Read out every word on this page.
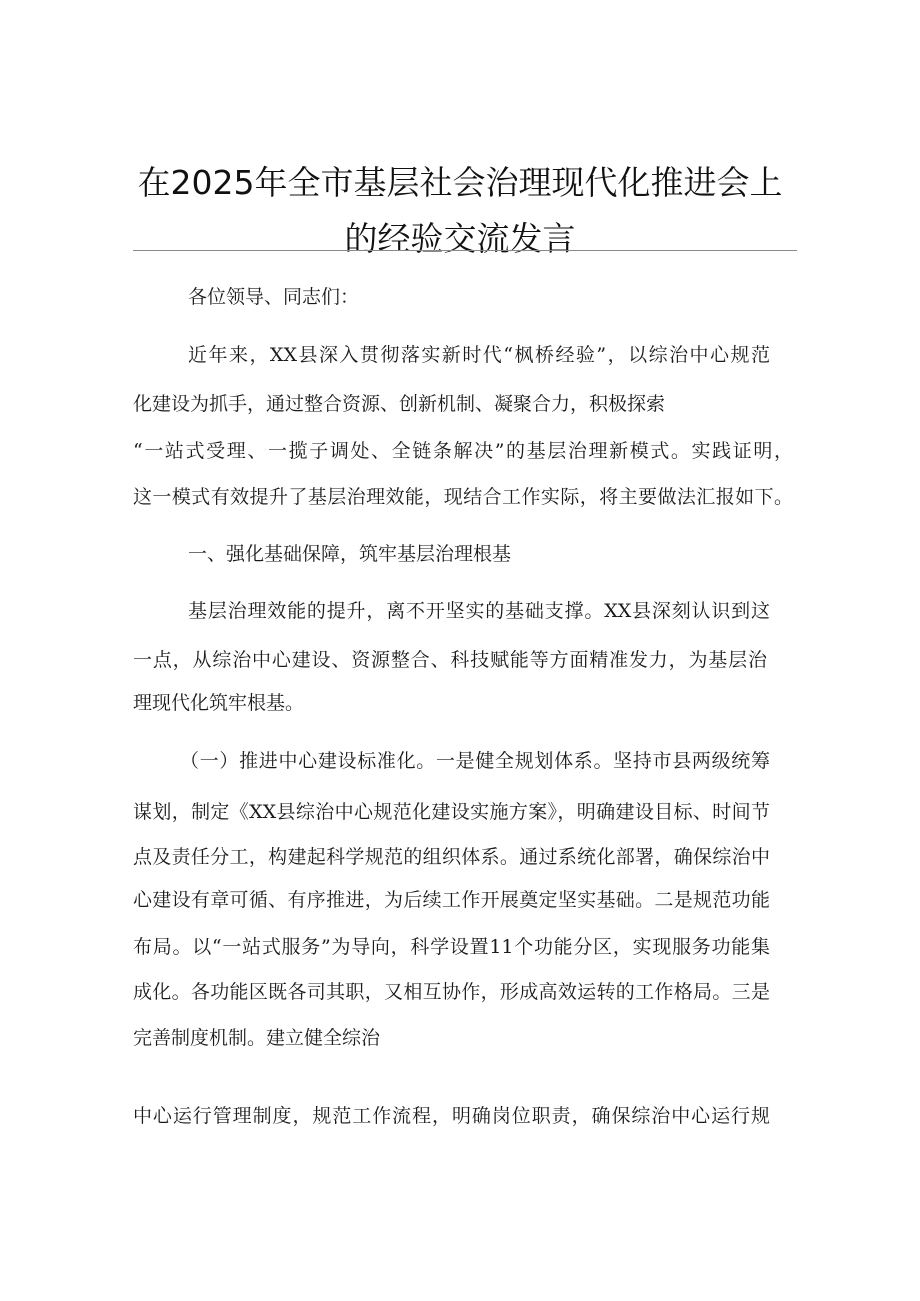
在2025年全市基层社会治理现代化推进会上
的经验交流发言
各位领导、同志们：
近年来，XX县深入贯彻落实新时代“枫桥经验”，以综治中心规范
化建设为抓手，通过整合资源、创新机制、凝聚合力，积极探索
“一站式受理、一揽子调处、全链条解决”的基层治理新模式。实践证明，
这一模式有效提升了基层治理效能，现结合工作实际，将主要做法汇报如下。
一、强化基础保障，筑牢基层治理根基
基层治理效能的提升，离不开坚实的基础支撑。XX县深刻认识到这
一点，从综治中心建设、资源整合、科技赋能等方面精准发力，为基层治
理现代化筑牢根基。
（一）推进中心建设标准化。一是健全规划体系。坚持市县两级统筹
谋划，制定《XX县综治中心规范化建设实施方案》，明确建设目标、时间节
点及责任分工，构建起科学规范的组织体系。通过系统化部署，确保综治中
心建设有章可循、有序推进，为后续工作开展奠定坚实基础。二是规范功能
布局。以“一站式服务”为导向，科学设置11个功能分区，实现服务功能集
成化。各功能区既各司其职，又相互协作，形成高效运转的工作格局。三是
完善制度机制。建立健全综治
中心运行管理制度，规范工作流程，明确岗位职责，确保综治中心运行规
